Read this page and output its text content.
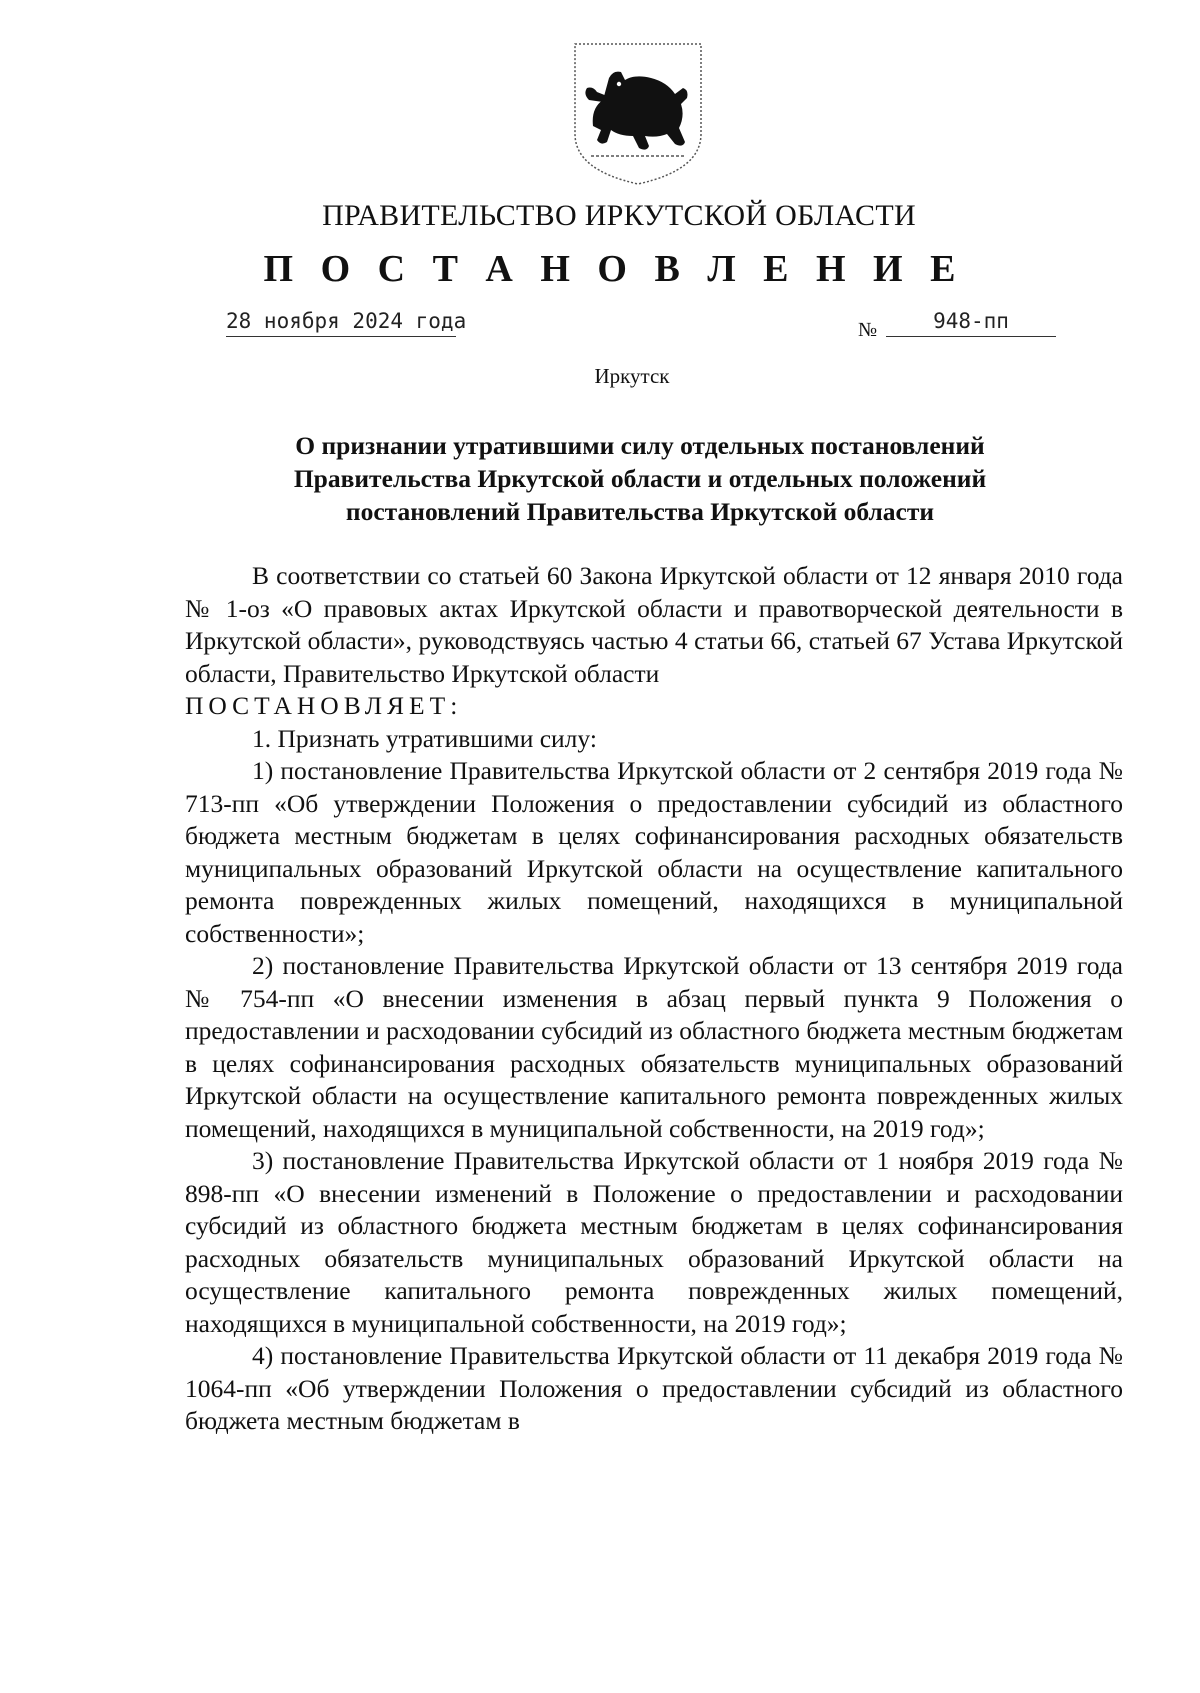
ПРАВИТЕЛЬСТВО ИРКУТСКОЙ ОБЛАСТИ
П О С Т А Н О В Л Е Н И Е
28 ноября 2024 года	№	948-пп
Иркутск
О признании утратившими силу отдельных постановлений
Правительства Иркутской области и отдельных положений
постановлений Правительства Иркутской области

В соответствии со статьей 60 Закона Иркутской области от 12 января 2010 года № 1-оз «О правовых актах Иркутской области и правотворческой деятельности в Иркутской области», руководствуясь частью 4 статьи 66, статьей 67 Устава Иркутской области, Правительство Иркутской области

ПОСТАНОВЛЯЕТ:

1. Признать утратившими силу:

1) постановление Правительства Иркутской области от 2 сентября 2019 года № 713-пп «Об утверждении Положения о предоставлении субсидий из областного бюджета местным бюджетам в целях софинансирования расходных обязательств муниципальных образований Иркутской области на осуществление капитального ремонта поврежденных жилых помещений, находящихся в муниципальной собственности»;

2) постановление Правительства Иркутской области от 13 сентября 2019 года № 754-пп «О внесении изменения в абзац первый пункта 9 Положения о предоставлении и расходовании субсидий из областного бюджета местным бюджетам в целях софинансирования расходных обязательств муниципальных образований Иркутской области на осуществление капитального ремонта поврежденных жилых помещений, находящихся в муниципальной собственности, на 2019 год»;

3) постановление Правительства Иркутской области от 1 ноября 2019 года № 898-пп «О внесении изменений в Положение о предоставлении и расходовании субсидий из областного бюджета местным бюджетам в целях софинансирования расходных обязательств муниципальных образований Иркутской области на осуществление капитального ремонта поврежденных жилых помещений, находящихся в муниципальной собственности, на 2019 год»;

4) постановление Правительства Иркутской области от 11 декабря 2019 года № 1064-пп «Об утверждении Положения о предоставлении субсидий из областного бюджета местным бюджетам в
